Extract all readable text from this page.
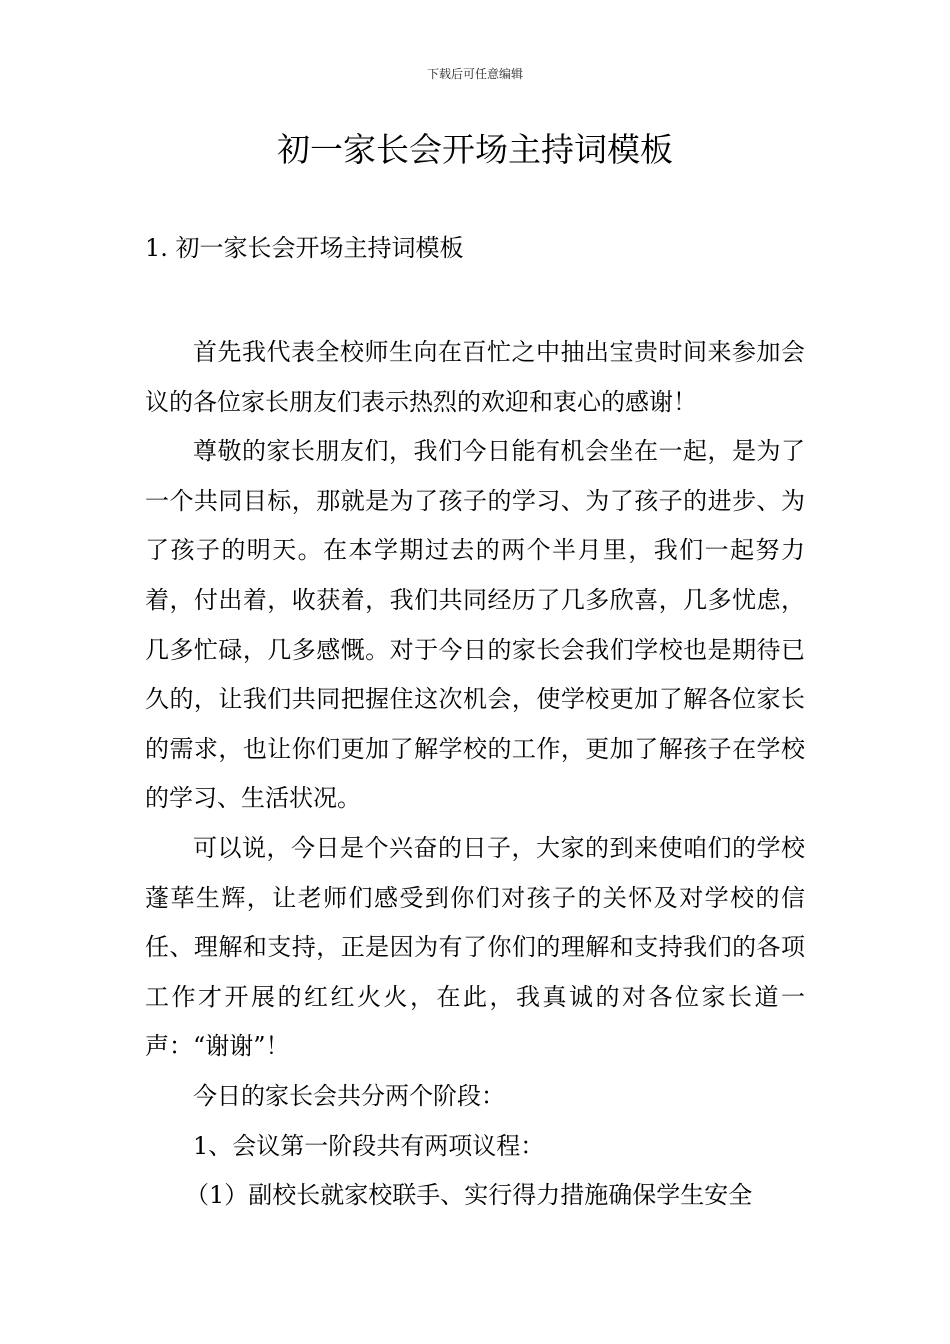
下载后可任意编辑
初一家长会开场主持词模板
1. 初一家长会开场主持词模板

首先我代表全校师生向在百忙之中抽出宝贵时间来参加会议的各位家长朋友们表示热烈的欢迎和衷心的感谢！

尊敬的家长朋友们，我们今日能有机会坐在一起，是为了一个共同目标，那就是为了孩子的学习、为了孩子的进步、为了孩子的明天。在本学期过去的两个半月里，我们一起努力着，付出着，收获着，我们共同经历了几多欣喜，几多忧虑，几多忙碌，几多感慨。对于今日的家长会我们学校也是期待已久的，让我们共同把握住这次机会，使学校更加了解各位家长的需求，也让你们更加了解学校的工作，更加了解孩子在学校的学习、生活状况。

可以说，今日是个兴奋的日子，大家的到来使咱们的学校蓬荜生辉，让老师们感受到你们对孩子的关怀及对学校的信任、理解和支持，正是因为有了你们的理解和支持我们的各项工作才开展的红红火火，在此，我真诚的对各位家长道一声：“谢谢”！

今日的家长会共分两个阶段：

1、会议第一阶段共有两项议程：

（1）副校长就家校联手、实行得力措施确保学生安全
